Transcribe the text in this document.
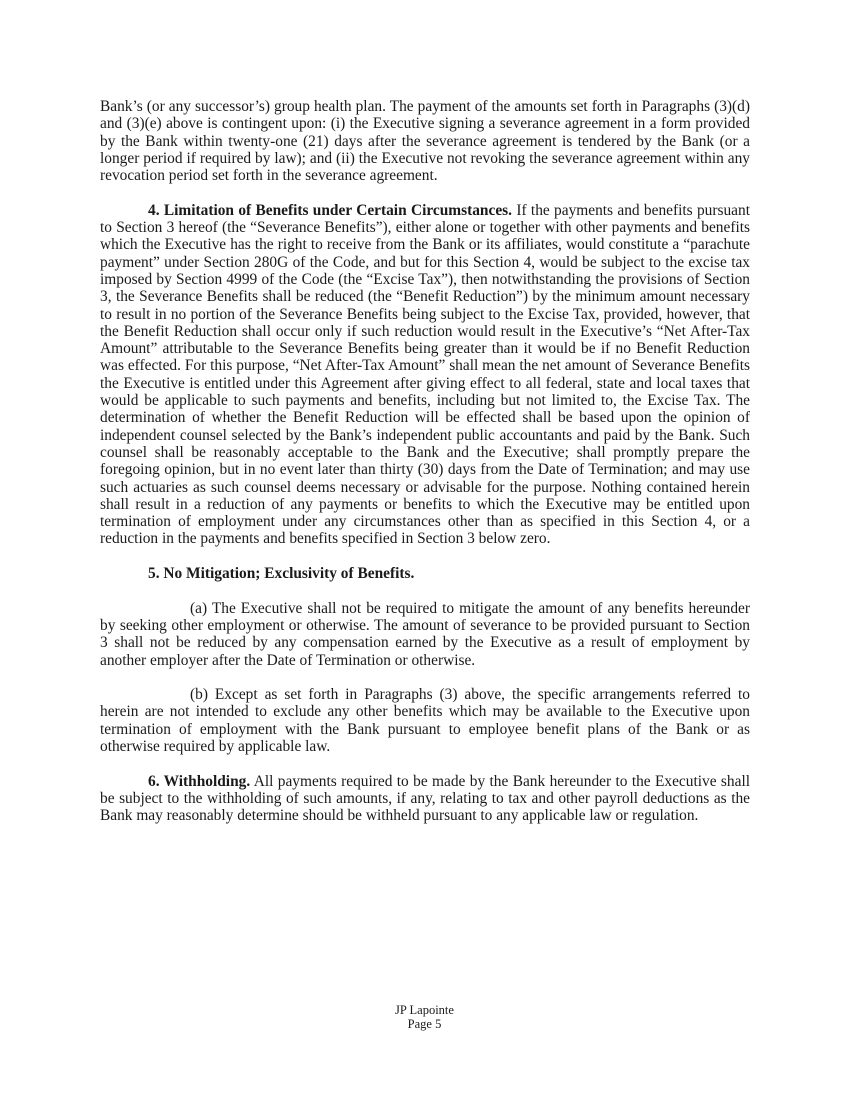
Bank’s (or any successor’s) group health plan. The payment of the amounts set forth in Paragraphs (3)(d) and (3)(e) above is contingent upon: (i) the Executive signing a severance agreement in a form provided by the Bank within twenty-one (21) days after the severance agreement is tendered by the Bank (or a longer period if required by law); and (ii) the Executive not revoking the severance agreement within any revocation period set forth in the severance agreement.

4. Limitation of Benefits under Certain Circumstances. If the payments and benefits pursuant to Section 3 hereof (the “Severance Benefits”), either alone or together with other payments and benefits which the Executive has the right to receive from the Bank or its affiliates, would constitute a “parachute payment” under Section 280G of the Code, and but for this Section 4, would be subject to the excise tax imposed by Section 4999 of the Code (the “Excise Tax”), then notwithstanding the provisions of Section 3, the Severance Benefits shall be reduced (the “Benefit Reduction”) by the minimum amount necessary to result in no portion of the Severance Benefits being subject to the Excise Tax, provided, however, that the Benefit Reduction shall occur only if such reduction would result in the Executive’s “Net After-Tax Amount” attributable to the Severance Benefits being greater than it would be if no Benefit Reduction was effected. For this purpose, “Net After-Tax Amount” shall mean the net amount of Severance Benefits the Executive is entitled under this Agreement after giving effect to all federal, state and local taxes that would be applicable to such payments and benefits, including but not limited to, the Excise Tax. The determination of whether the Benefit Reduction will be effected shall be based upon the opinion of independent counsel selected by the Bank’s independent public accountants and paid by the Bank. Such counsel shall be reasonably acceptable to the Bank and the Executive; shall promptly prepare the foregoing opinion, but in no event later than thirty (30) days from the Date of Termination; and may use such actuaries as such counsel deems necessary or advisable for the purpose. Nothing contained herein shall result in a reduction of any payments or benefits to which the Executive may be entitled upon termination of employment under any circumstances other than as specified in this Section 4, or a reduction in the payments and benefits specified in Section 3 below zero.

5. No Mitigation; Exclusivity of Benefits.

(a) The Executive shall not be required to mitigate the amount of any benefits hereunder by seeking other employment or otherwise. The amount of severance to be provided pursuant to Section 3 shall not be reduced by any compensation earned by the Executive as a result of employment by another employer after the Date of Termination or otherwise.

(b) Except as set forth in Paragraphs (3) above, the specific arrangements referred to herein are not intended to exclude any other benefits which may be available to the Executive upon termination of employment with the Bank pursuant to employee benefit plans of the Bank or as otherwise required by applicable law.

6. Withholding. All payments required to be made by the Bank hereunder to the Executive shall be subject to the withholding of such amounts, if any, relating to tax and other payroll deductions as the Bank may reasonably determine should be withheld pursuant to any applicable law or regulation.

JP Lapointe
Page 5
